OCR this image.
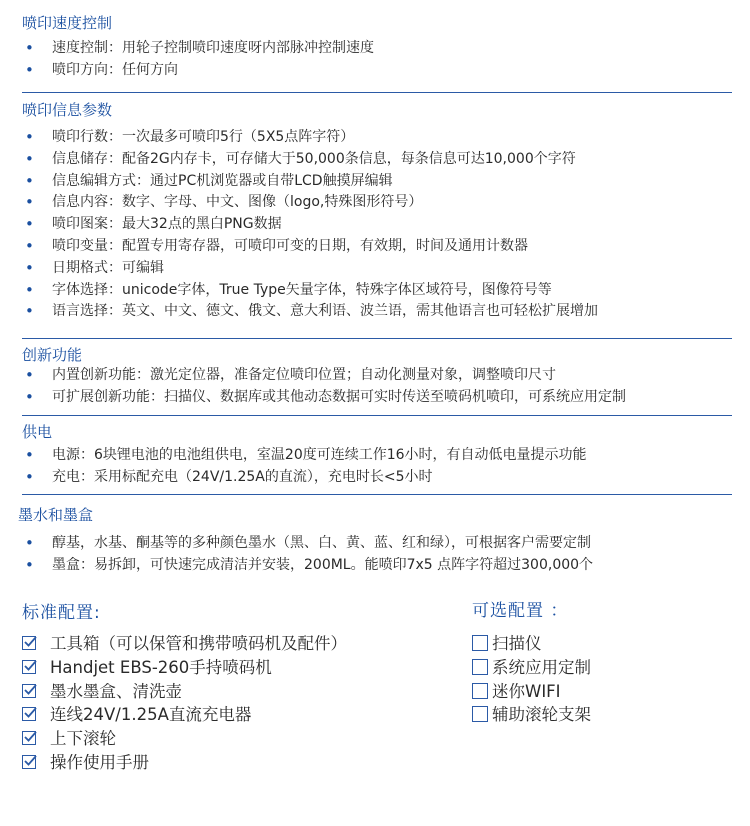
喷印速度控制
• 速度控制：用轮子控制喷印速度呀内部脉冲控制速度
• 喷印方向：任何方向
喷印信息参数
• 喷印行数：一次最多可喷印5行（5X5点阵字符）
• 信息储存：配备2G内存卡，可存储大于50,000条信息，每条信息可达10,000个字符
• 信息编辑方式：通过PC机浏览器或自带LCD触摸屏编辑
• 信息内容：数字、字母、中文、图像（logo,特殊图形符号）
• 喷印图案：最大32点的黑白PNG数据
• 喷印变量：配置专用寄存器，可喷印可变的日期，有效期，时间及通用计数器
• 日期格式：可编辑
• 字体选择：unicode字体，True Type矢量字体，特殊字体区域符号，图像符号等
• 语言选择：英文、中文、德文、俄文、意大利语、波兰语，需其他语言也可轻松扩展增加
创新功能
• 内置创新功能：激光定位器，准备定位喷印位置；自动化测量对象，调整喷印尺寸
• 可扩展创新功能：扫描仪、数据库或其他动态数据可实时传送至喷码机喷印，可系统应用定制
供电
• 电源：6块锂电池的电池组供电，室温20度可连续工作16小时，有自动低电量提示功能
• 充电：采用标配充电（24V/1.25A的直流），充电时长<5小时
墨水和墨盒
• 醇基，水基、酮基等的多种颜色墨水（黑、白、黄、蓝、红和绿），可根据客户需要定制
• 墨盒：易拆卸，可快速完成清洁并安装，200ML。能喷印7x5 点阵字符超过300,000个
标准配置:
工具箱（可以保管和携带喷码机及配件）
Handjet EBS-260手持喷码机
墨水墨盒、清洗壶
连线24V/1.25A直流充电器
上下滚轮
操作使用手册
可选配置 ：
扫描仪
系统应用定制
迷你WIFI
辅助滚轮支架
